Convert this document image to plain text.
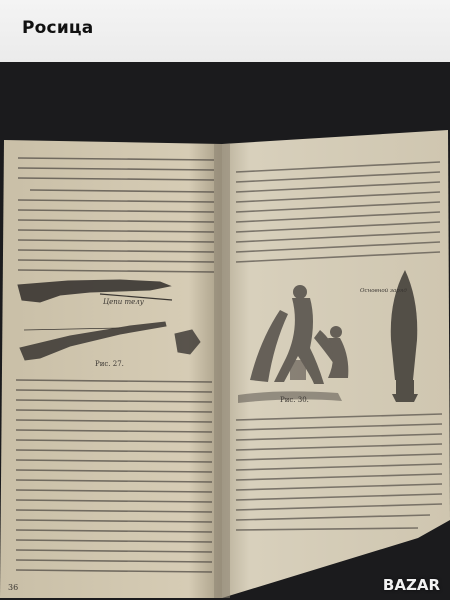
Росица
Цепи телу
Рис. 27.
36
Рис. 30.
Основной заряд
BAZAR
